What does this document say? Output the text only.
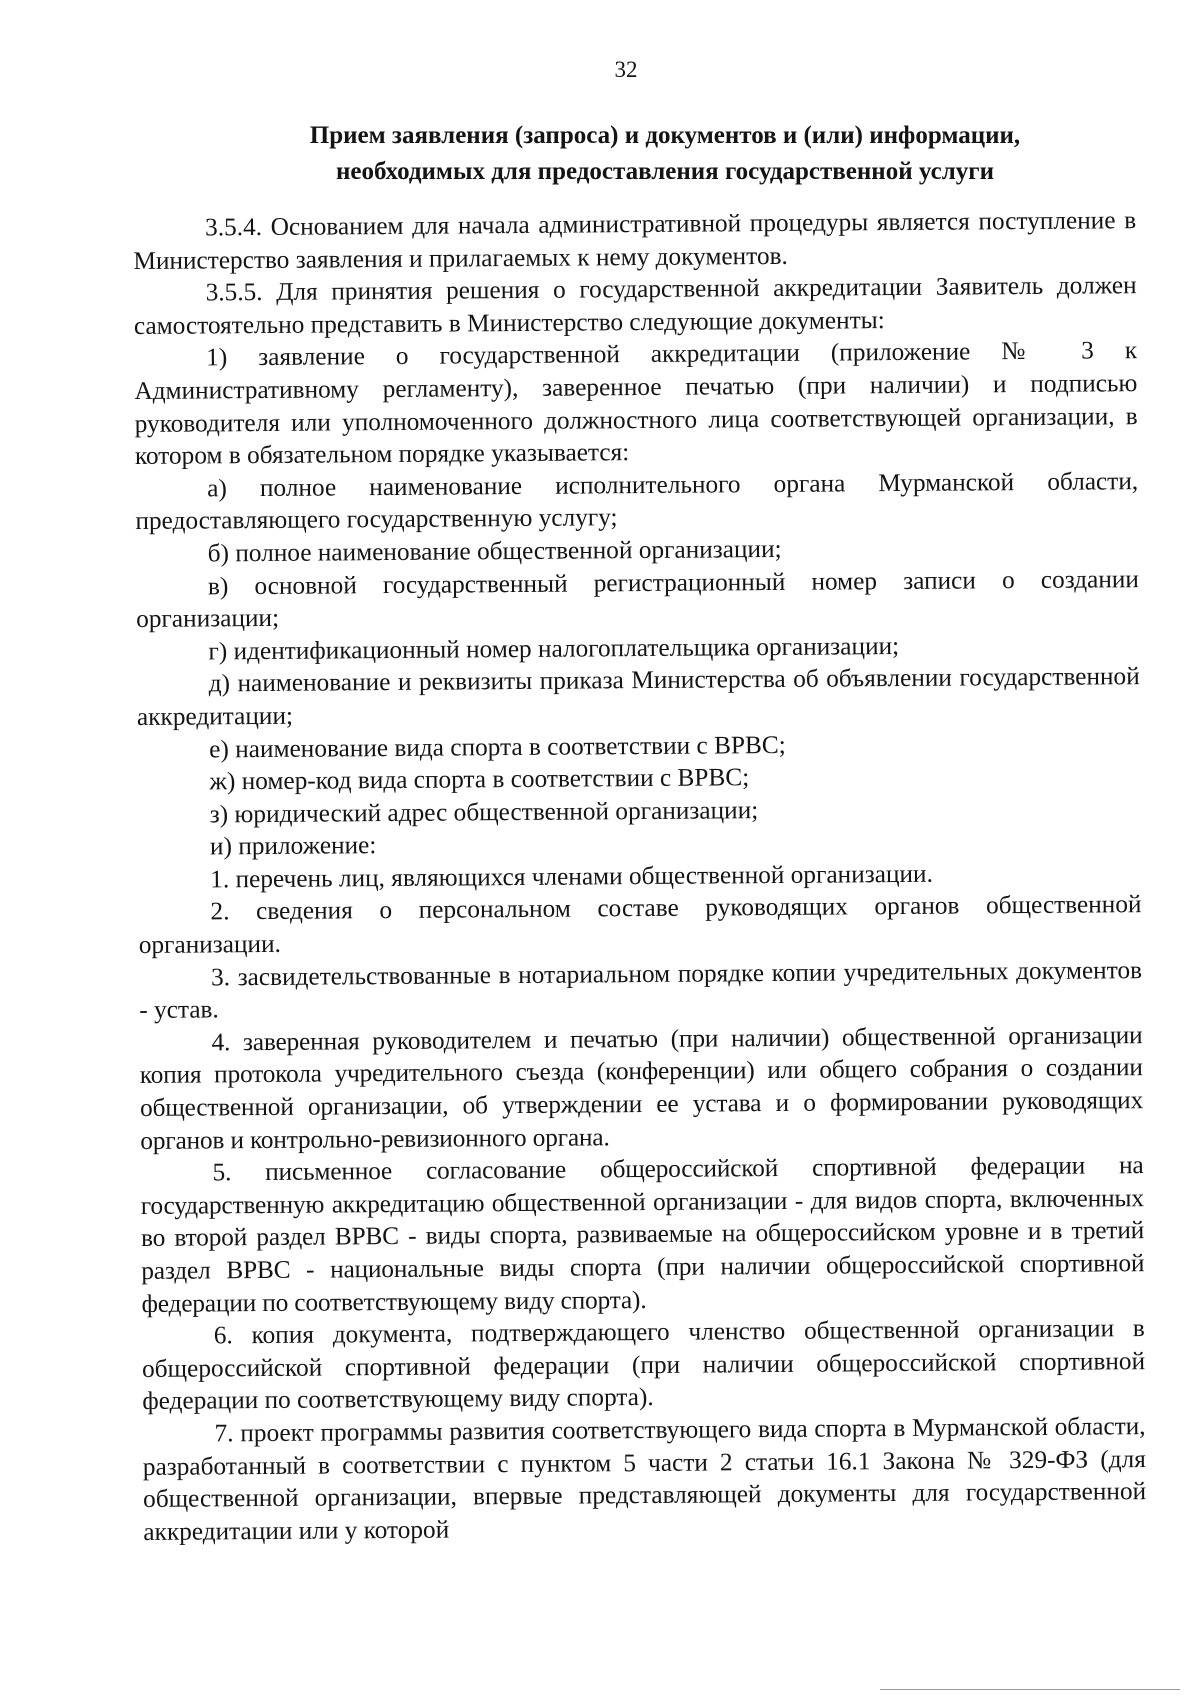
32
Прием заявления (запроса) и документов и (или) информации,
необходимых для предоставления государственной услуги

3.5.4. Основанием для начала административной процедуры является поступление в Министерство заявления и прилагаемых к нему документов.

3.5.5. Для принятия решения о государственной аккредитации Заявитель должен самостоятельно представить в Министерство следующие документы:

1) заявление о государственной аккредитации (приложение № 3 к Административному регламенту), заверенное печатью (при наличии) и подписью руководителя или уполномоченного должностного лица соответствующей организации, в котором в обязательном порядке указывается:

а) полное наименование исполнительного органа Мурманской области, предоставляющего государственную услугу;

б) полное наименование общественной организации;

в) основной государственный регистрационный номер записи о создании организации;

г) идентификационный номер налогоплательщика организации;

д) наименование и реквизиты приказа Министерства об объявлении государственной аккредитации;

е) наименование вида спорта в соответствии с ВРВС;

ж) номер-код вида спорта в соответствии с ВРВС;

з) юридический адрес общественной организации;

и) приложение:

1. перечень лиц, являющихся членами общественной организации.

2. сведения о персональном составе руководящих органов общественной организации.

3. засвидетельствованные в нотариальном порядке копии учредительных документов - устав.

4. заверенная руководителем и печатью (при наличии) общественной организации копия протокола учредительного съезда (конференции) или общего собрания о создании общественной организации, об утверждении ее устава и о формировании руководящих органов и контрольно-ревизионного органа.

5. письменное согласование общероссийской спортивной федерации на государственную аккредитацию общественной организации - для видов спорта, включенных во второй раздел ВРВС - виды спорта, развиваемые на общероссийском уровне и в третий раздел ВРВС - национальные виды спорта (при наличии общероссийской спортивной федерации по соответствующему виду спорта).

6. копия документа, подтверждающего членство общественной организации в общероссийской спортивной федерации (при наличии общероссийской спортивной федерации по соответствующему виду спорта).

7. проект программы развития соответствующего вида спорта в Мурманской области, разработанный в соответствии с пунктом 5 части 2 статьи 16.1 Закона № 329-ФЗ (для общественной организации, впервые представляющей документы для государственной аккредитации или у которой
